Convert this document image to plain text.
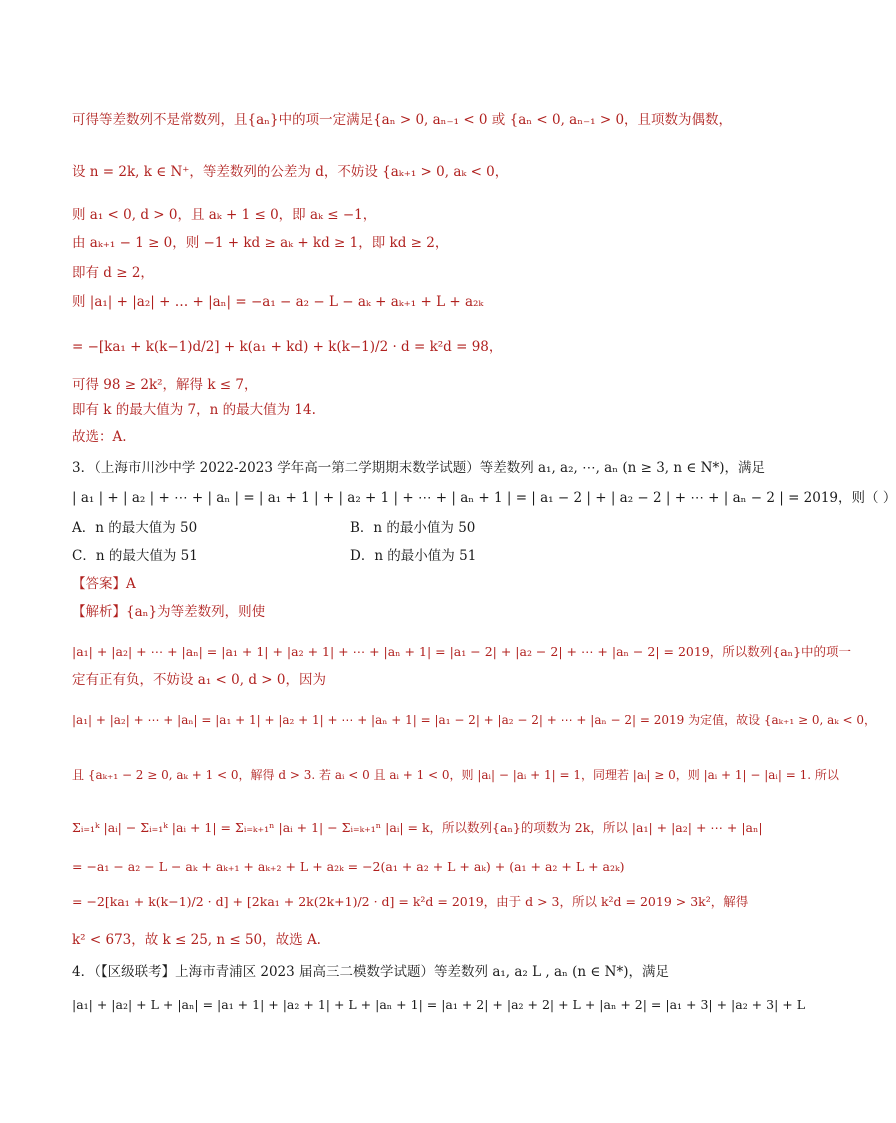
可得等差数列不是常数列，且{aₙ}中的项一定满足{aₙ > 0, aₙ₋₁ < 0 或 {aₙ < 0, aₙ₋₁ > 0，且项数为偶数，
设 n = 2k, k ∈ N⁺，等差数列的公差为 d，不妨设 {aₖ₊₁ > 0, aₖ < 0，
则 a₁ < 0, d > 0，且 aₖ + 1 ≤ 0，即 aₖ ≤ −1，
由 aₖ₊₁ − 1 ≥ 0，则 −1 + kd ≥ aₖ + kd ≥ 1，即 kd ≥ 2，
即有 d ≥ 2，
则 |a₁| + |a₂| + … + |aₙ| = −a₁ − a₂ − L − aₖ + aₖ₊₁ + L + a₂ₖ
= −[ka₁ + k(k−1)d/2] + k(a₁ + kd) + k(k−1)/2 · d = k²d = 98，
可得 98 ≥ 2k²，解得 k ≤ 7，
即有 k 的最大值为 7，n 的最大值为 14.
故选：A.
3．（上海市川沙中学 2022-2023 学年高一第二学期期末数学试题）等差数列 a₁, a₂, ⋯, aₙ (n ≥ 3, n ∈ N*)，满足
| a₁ | + | a₂ | + ⋯ + | aₙ | = | a₁ + 1 | + | a₂ + 1 | + ⋯ + | aₙ + 1 | = | a₁ − 2 | + | a₂ − 2 | + ⋯ + | aₙ − 2 | = 2019，则（ ）
A．n 的最大值为 50	B．n 的最小值为 50
C．n 的最大值为 51	D．n 的最小值为 51
【答案】A
【解析】{aₙ}为等差数列，则使
|a₁| + |a₂| + ⋯ + |aₙ| = |a₁ + 1| + |a₂ + 1| + ⋯ + |aₙ + 1| = |a₁ − 2| + |a₂ − 2| + ⋯ + |aₙ − 2| = 2019，所以数列{aₙ}中的项一
定有正有负，不妨设 a₁ < 0, d > 0，因为
|a₁| + |a₂| + ⋯ + |aₙ| = |a₁ + 1| + |a₂ + 1| + ⋯ + |aₙ + 1| = |a₁ − 2| + |a₂ − 2| + ⋯ + |aₙ − 2| = 2019 为定值，故设 {aₖ₊₁ ≥ 0, aₖ < 0，
且 {aₖ₊₁ − 2 ≥ 0, aₖ + 1 < 0，解得 d > 3. 若 aᵢ < 0 且 aᵢ + 1 < 0，则 |aᵢ| − |aᵢ + 1| = 1，同理若 |aᵢ| ≥ 0，则 |aᵢ + 1| − |aᵢ| = 1. 所以
Σᵢ₌₁ᵏ |aᵢ| − Σᵢ₌₁ᵏ |aᵢ + 1| = Σᵢ₌ₖ₊₁ⁿ |aᵢ + 1| − Σᵢ₌ₖ₊₁ⁿ |aᵢ| = k，所以数列{aₙ}的项数为 2k，所以 |a₁| + |a₂| + ⋯ + |aₙ|
= −a₁ − a₂ − L − aₖ + aₖ₊₁ + aₖ₊₂ + L + a₂ₖ = −2(a₁ + a₂ + L + aₖ) + (a₁ + a₂ + L + a₂ₖ)
= −2[ka₁ + k(k−1)/2 · d] + [2ka₁ + 2k(2k+1)/2 · d] = k²d = 2019，由于 d > 3，所以 k²d = 2019 > 3k²，解得
k² < 673，故 k ≤ 25, n ≤ 50，故选 A.
4．（【区级联考】上海市青浦区 2023 届高三二模数学试题）等差数列 a₁, a₂ L , aₙ (n ∈ N*)，满足
|a₁| + |a₂| + L + |aₙ| = |a₁ + 1| + |a₂ + 1| + L + |aₙ + 1| = |a₁ + 2| + |a₂ + 2| + L + |aₙ + 2| = |a₁ + 3| + |a₂ + 3| + L
